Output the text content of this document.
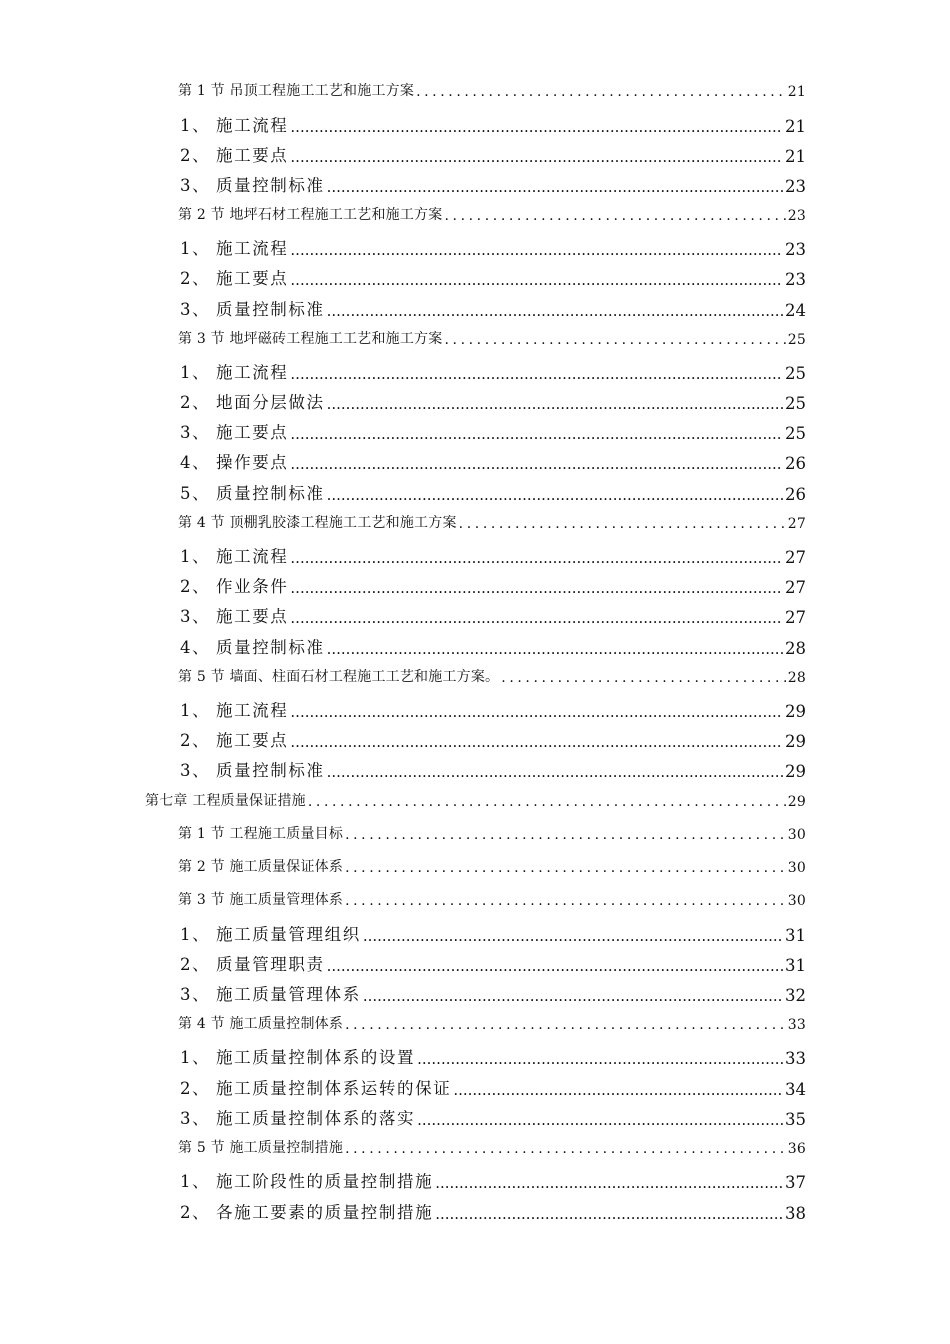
第 1 节 吊顶工程施工工艺和施工方案 .....	21
1、 施工流程 .....	21
2、 施工要点 .....	21
3、 质量控制标准 .....	23
第 2 节 地坪石材工程施工工艺和施工方案 .....	23
1、 施工流程 .....	23
2、 施工要点 .....	23
3、 质量控制标准 .....	24
第 3 节 地坪磁砖工程施工工艺和施工方案 .....	25
1、 施工流程 .....	25
2、 地面分层做法 .....	25
3、 施工要点 .....	25
4、 操作要点 .....	26
5、 质量控制标准 .....	26
第 4 节 顶棚乳胶漆工程施工工艺和施工方案 .....	27
1、 施工流程 .....	27
2、 作业条件 .....	27
3、 施工要点 .....	27
4、 质量控制标准 .....	28
第 5 节 墙面、柱面石材工程施工工艺和施工方案。 .....	28
1、 施工流程 .....	29
2、 施工要点 .....	29
3、 质量控制标准 .....	29
第七章 工程质量保证措施 .....	29
第 1 节 工程施工质量目标 .....	30
第 2 节 施工质量保证体系 .....	30
第 3 节 施工质量管理体系 .....	30
1、 施工质量管理组织 .....	31
2、 质量管理职责 .....	31
3、 施工质量管理体系 .....	32
第 4 节 施工质量控制体系 .....	33
1、 施工质量控制体系的设置 .....	33
2、 施工质量控制体系运转的保证 .....	34
3、 施工质量控制体系的落实 .....	35
第 5 节 施工质量控制措施 .....	36
1、 施工阶段性的质量控制措施 .....	37
2、 各施工要素的质量控制措施 .....	38
